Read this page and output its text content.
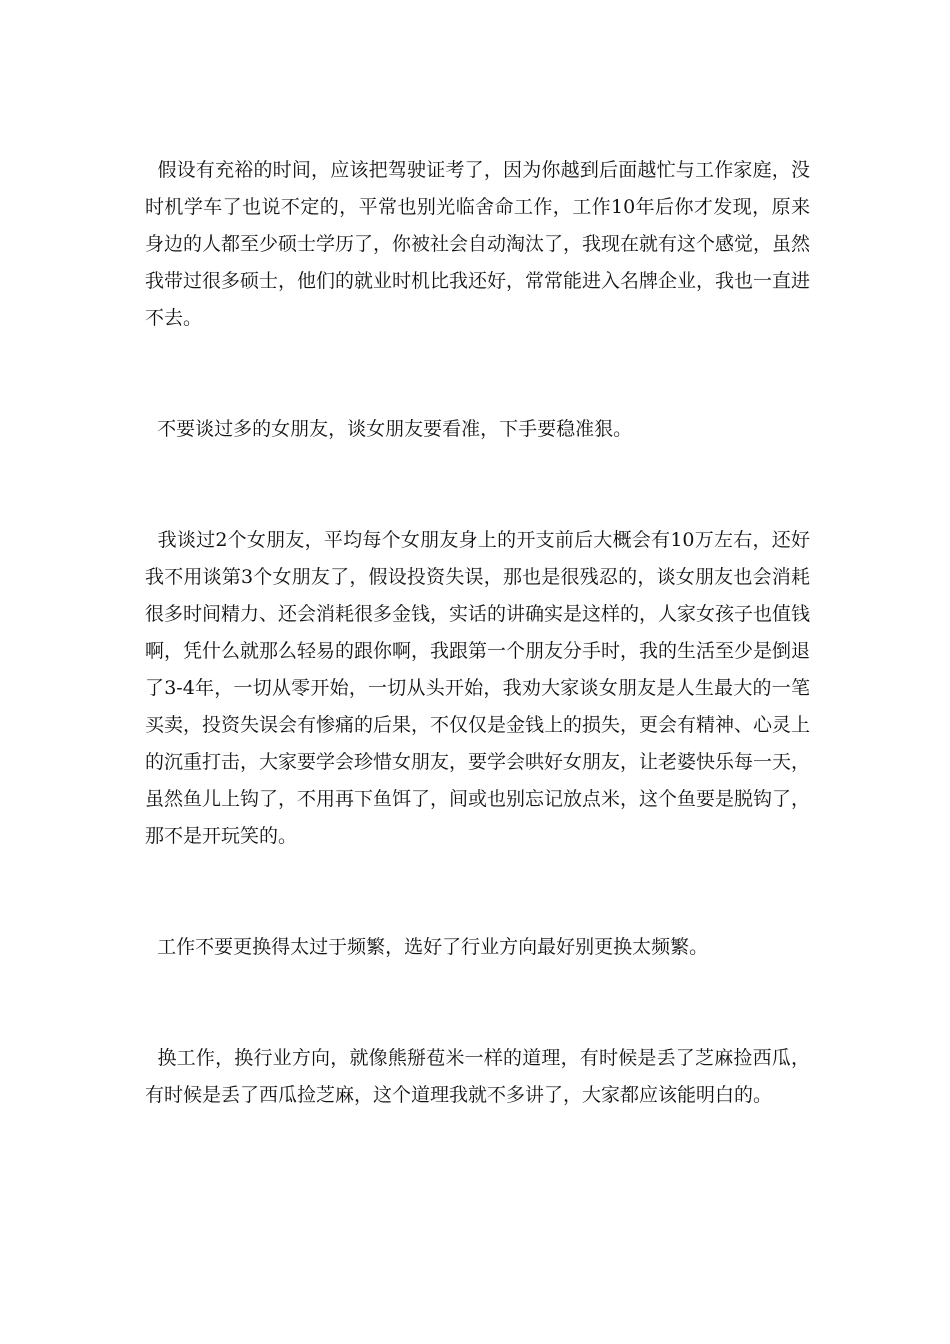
假设有充裕的时间，应该把驾驶证考了，因为你越到后面越忙与工作家庭，没时机学车了也说不定的，平常也别光临舍命工作，工作10年后你才发现，原来身边的人都至少硕士学历了，你被社会自动淘汰了，我现在就有这个感觉，虽然我带过很多硕士，他们的就业时机比我还好，常常能进入名牌企业，我也一直进不去。

不要谈过多的女朋友，谈女朋友要看准，下手要稳准狠。

我谈过2个女朋友，平均每个女朋友身上的开支前后大概会有10万左右，还好我不用谈第3个女朋友了，假设投资失误，那也是很残忍的，谈女朋友也会消耗很多时间精力、还会消耗很多金钱，实话的讲确实是这样的，人家女孩子也值钱啊，凭什么就那么轻易的跟你啊，我跟第一个朋友分手时，我的生活至少是倒退了3-4年，一切从零开始，一切从头开始，我劝大家谈女朋友是人生最大的一笔买卖，投资失误会有惨痛的后果，不仅仅是金钱上的损失，更会有精神、心灵上的沉重打击，大家要学会珍惜女朋友，要学会哄好女朋友，让老婆快乐每一天，虽然鱼儿上钩了，不用再下鱼饵了，间或也别忘记放点米，这个鱼要是脱钩了，那不是开玩笑的。

工作不要更换得太过于频繁，选好了行业方向最好别更换太频繁。

换工作，换行业方向，就像熊掰苞米一样的道理，有时候是丢了芝麻捡西瓜，有时候是丢了西瓜捡芝麻，这个道理我就不多讲了，大家都应该能明白的。
